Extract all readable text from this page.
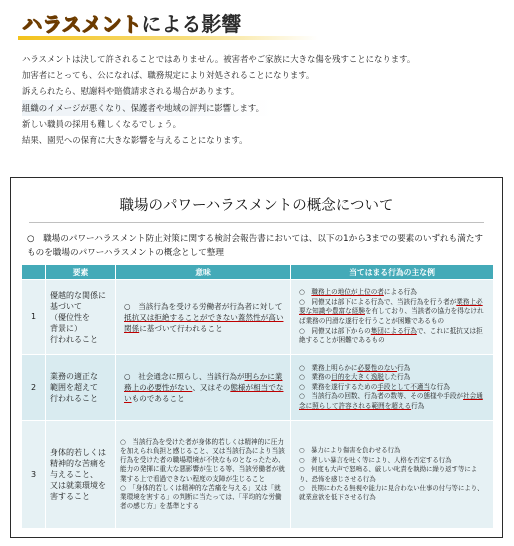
ハラスメントによる影響
ハラスメントは決して許されることではありません。被害者やご家族に大きな傷を残すことになります。
加害者にとっても、公になれば、職務規定により対処されることになります。
訴えられたら、慰謝料や賠償請求される場合があります。
組織のイメージが悪くなり、保護者や地域の評判に影響します。
新しい職員の採用も難しくなるでしょう。
結果、園児への保育に大きな影響を与えることになります。
職場のパワーハラスメントの概念について
○　職場のパワーハラスメント防止対策に関する検討会報告書においては、以下の1から3までの要素のいずれも満たすものを職場のパワーハラスメントの概念として整理
	要素	意味	当てはまる行為の主な例
1	優越的な関係に
基づいて
（優位性を
背景に）
行われること	○　当該行為を受ける労働者が行為者に対して抵抗又は拒絶することができない蓋然性が高い関係に基づいて行われること	○　職務上の地位が上位の者による行為
○　同僚又は部下による行為で、当該行為を行う者が業務上必要な知識や豊富な経験を有しており、当該者の協力を得なければ業務の円滑な遂行を行うことが困難であるもの
○　同僚又は部下からの集団による行為で、これに抵抗又は拒絶することが困難であるもの

2	業務の適正な
範囲を超えて
行われること	○　社会通念に照らし、当該行為が明らかに業務上の必要性がない、又はその態様が相当でないものであること	○　業務上明らかに必要性のない行為
○　業務の目的を大きく逸脱した行為
○　業務を遂行するための手段として不適当な行為
○　当該行為の回数、行為者の数等、その態様や手段が社会通念に照らして許容される範囲を超える行為

3	身体的若しくは
精神的な苦痛を
与えること、
又は就業環境を
害すること	○　当該行為を受けた者が身体的若しくは精神的に圧力を加えられ負担と感じること、又は当該行為により当該行為を受けた者の職場環境が不快なものとなったため、能力の発揮に重大な悪影響が生じる等、当該労働者が就業する上で看過できない程度の支障が生じること
○　「身体的若しくは精神的な苦痛を与える」又は「就業環境を害する」の判断に当たっては、「平均的な労働者の感じ方」を基準とする	○　暴力により傷害を負わせる行為
○　著しい暴言を吐く等により、人格を否定する行為
○　何度も大声で怒鳴る、厳しい叱責を執拗に繰り返す等により、恐怖を感じさせる行為
○　長期にわたる無視や能力に見合わない仕事の付与等により、就業意欲を低下させる行為
